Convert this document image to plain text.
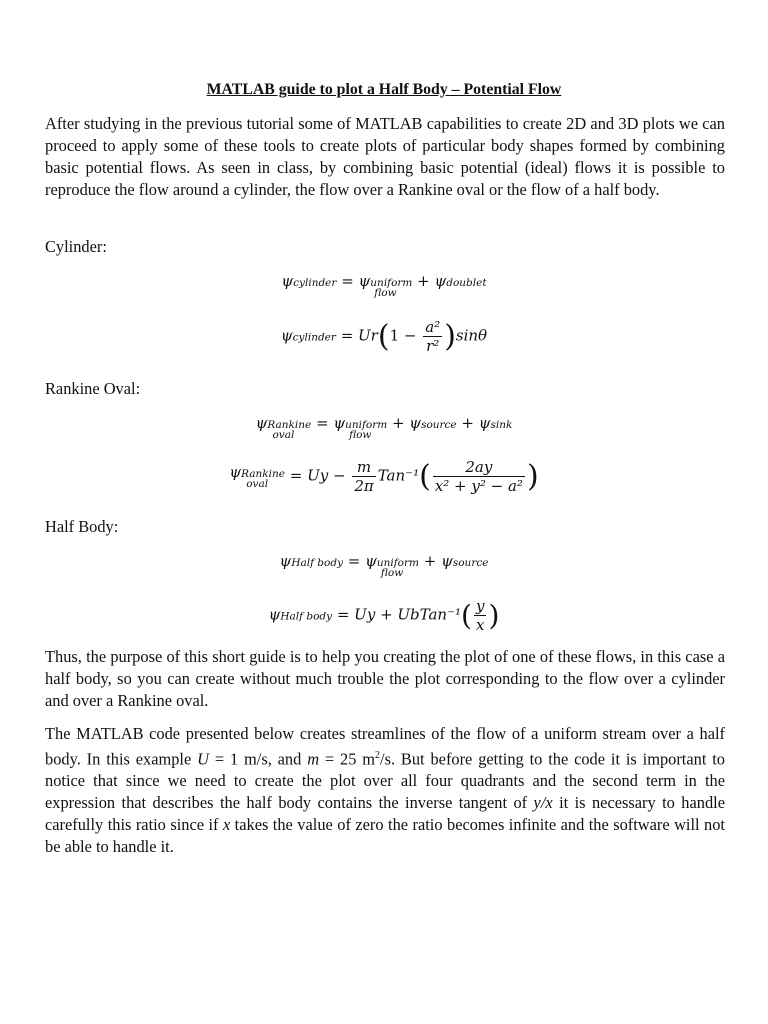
MATLAB guide to plot a Half Body – Potential Flow
After studying in the previous tutorial some of MATLAB capabilities to create 2D and 3D plots we can proceed to apply some of these tools to create plots of particular body shapes formed by combining basic potential flows. As seen in class, by combining basic potential (ideal) flows it is possible to reproduce the flow around a cylinder, the flow over a Rankine oval or the flow of a half body.
Cylinder:
ψcylinder = ψuniform
flow
+ ψdoublet
ψcylinder = $Ur(1 - \frac{\text{a²}}{\text{r²}} )\sin\theta$
Rankine Oval:
ψRankine
oval
= ψuniform
flow
+ ψsource + ψsink
ψRankine
oval	= $Uy - \frac{m}{2\pi} Tan^{-1}( \frac{2ay}{\text{x² + y² − a²}}$ )
Half Body:
ψHalf body = ψuniform
flow
+ ψsource
ψHalf body = Uy + UbTan⁻¹( $\frac{y}{x}$ )
Thus, the purpose of this short guide is to help you creating the plot of one of these flows, in this case a half body, so you can create without much trouble the plot corresponding to the flow over a cylinder and over a Rankine oval.
The MATLAB code presented below creates streamlines of the flow of a uniform stream over a half body. In this example U = 1 m/s, and m = 25 $m^2/s$. But before getting to the code it is important to notice that since we need to create the plot over all four quadrants and the second term in the expression that describes the half body contains the inverse tangent of y/x it is necessary to handle carefully this ratio since if x takes the value of zero the ratio becomes infinite and the software will not be able to handle it.
